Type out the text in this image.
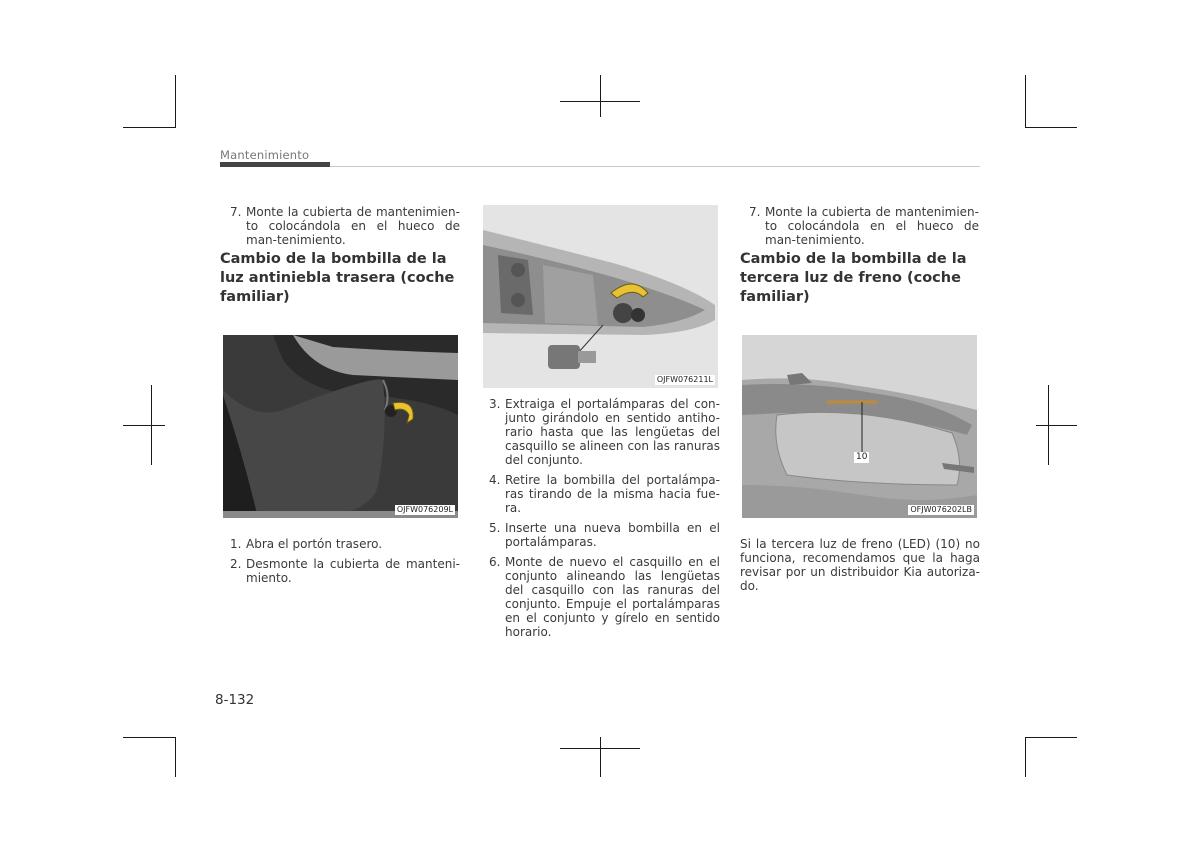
Mantenimiento
7. Monte la cubierta de mantenimien-to colocándola en el hueco de man-tenimiento.
Cambio de la bombilla de la luz antiniebla trasera (coche familiar)
OJFW076209L
1. Abra el portón trasero.
2. Desmonte la cubierta de manteni-miento.
OJFW076211L
3. Extraiga el portalámparas del con-junto girándolo en sentido antiho-rario hasta que las lengüetas del casquillo se alineen con las ranuras del conjunto.
4. Retire la bombilla del portalámpa-ras tirando de la misma hacia fue-ra.
5. Inserte una nueva bombilla en el portalámparas.
6. Monte de nuevo el casquillo en el conjunto alineando las lengüetas del casquillo con las ranuras del conjunto. Empuje el portalámparas en el conjunto y gírelo en sentido horario.
7. Monte la cubierta de mantenimien-to colocándola en el hueco de man-tenimiento.
Cambio de la bombilla de la tercera luz de freno (coche familiar)
10
OFJW076202LB
Si la tercera luz de freno (LED) (10) no funciona, recomendamos que la haga revisar por un distribuidor Kia autoriza-do.
8-132
